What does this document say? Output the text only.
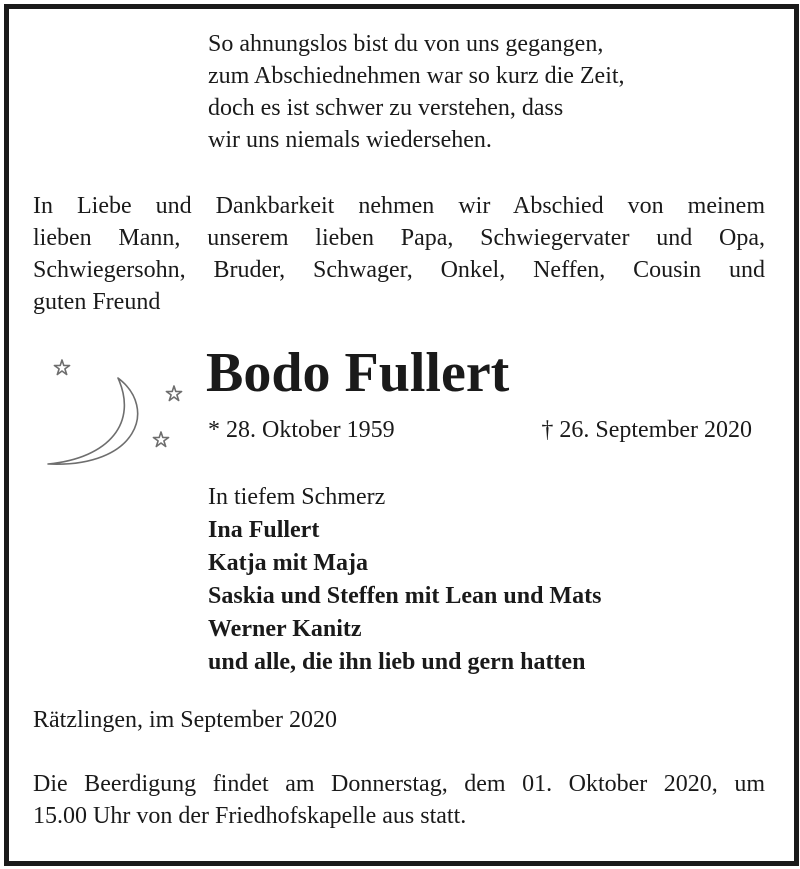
So ahnungslos bist du von uns gegangen,
zum Abschiednehmen war so kurz die Zeit,
doch es ist schwer zu verstehen, dass
wir uns niemals wiedersehen.
In Liebe und Dankbarkeit nehmen wir Abschied von meinem
lieben Mann, unserem lieben Papa, Schwiegervater und Opa,
Schwiegersohn, Bruder, Schwager, Onkel, Neffen, Cousin und
guten Freund
Bodo Fullert
* 28. Oktober 1959	† 26. September 2020
In tiefem Schmerz
Ina Fullert
Katja mit Maja
Saskia und Steffen mit Lean und Mats
Werner Kanitz
und alle, die ihn lieb und gern hatten
Rätzlingen, im September 2020
Die Beerdigung findet am Donnerstag, dem 01. Oktober 2020, um
15.00 Uhr von der Friedhofskapelle aus statt.
